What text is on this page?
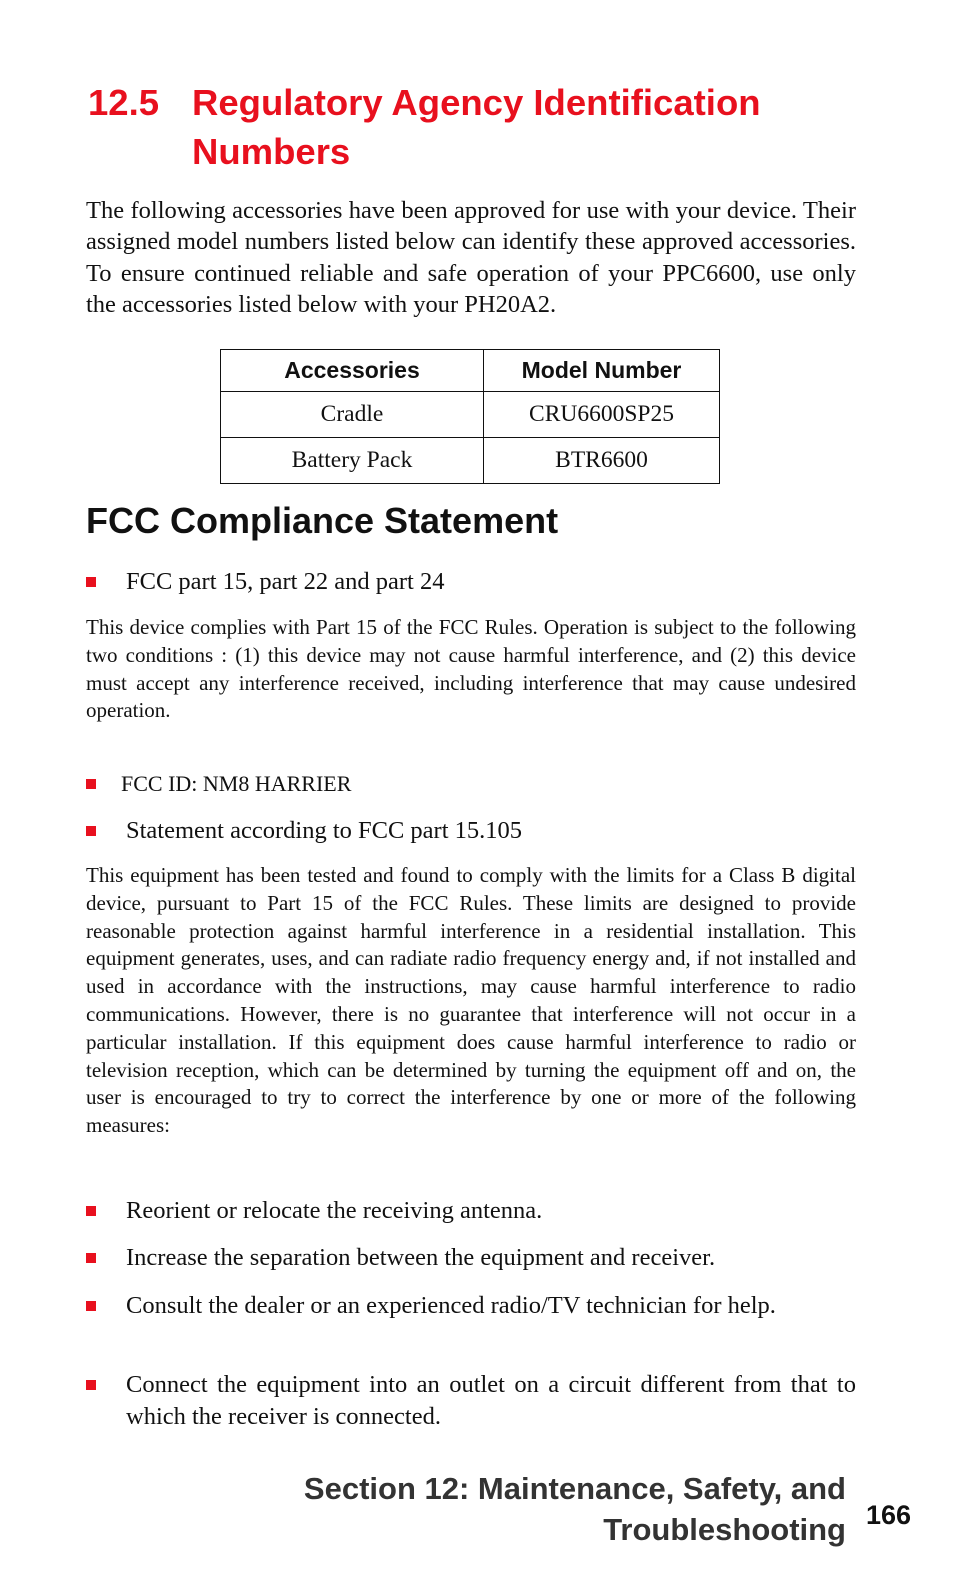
12.5 Regulatory Agency Identification
Numbers
The following accessories have been approved for use with your device. Their assigned model numbers listed below can identify these approved accessories. To ensure continued reliable and safe operation of your PPC6600, use only the accessories listed below with your PH20A2.
Accessories	Model Number
Cradle	CRU6600SP25
Battery Pack	BTR6600
FCC Compliance Statement
FCC part 15, part 22 and part 24
This device complies with Part 15 of the FCC Rules. Operation is subject to the following two conditions : (1) this device may not cause harmful interference, and (2) this device must accept any interference received, including interference that may cause undesired operation.
FCC ID: NM8 HARRIER
Statement according to FCC part 15.105
This equipment has been tested and found to comply with the limits for a Class B digital device, pursuant to Part 15 of the FCC Rules. These limits are designed to provide reasonable protection against harmful interference in a residential installation. This equipment generates, uses, and can radiate radio frequency energy and, if not installed and used in accordance with the instructions, may cause harmful interference to radio communications. However, there is no guarantee that interference will not occur in a particular installation. If this equipment does cause harmful interference to radio or television reception, which can be determined by turning the equipment off and on, the user is encouraged to try to correct the interference by one or more of the following measures:
Reorient or relocate the receiving antenna.
Increase the separation between the equipment and receiver.
Consult the dealer or an experienced radio/TV technician for help.
Connect the equipment into an outlet on a circuit different from that to which the receiver is connected.
Section 12: Maintenance, Safety, and
Troubleshooting 166
